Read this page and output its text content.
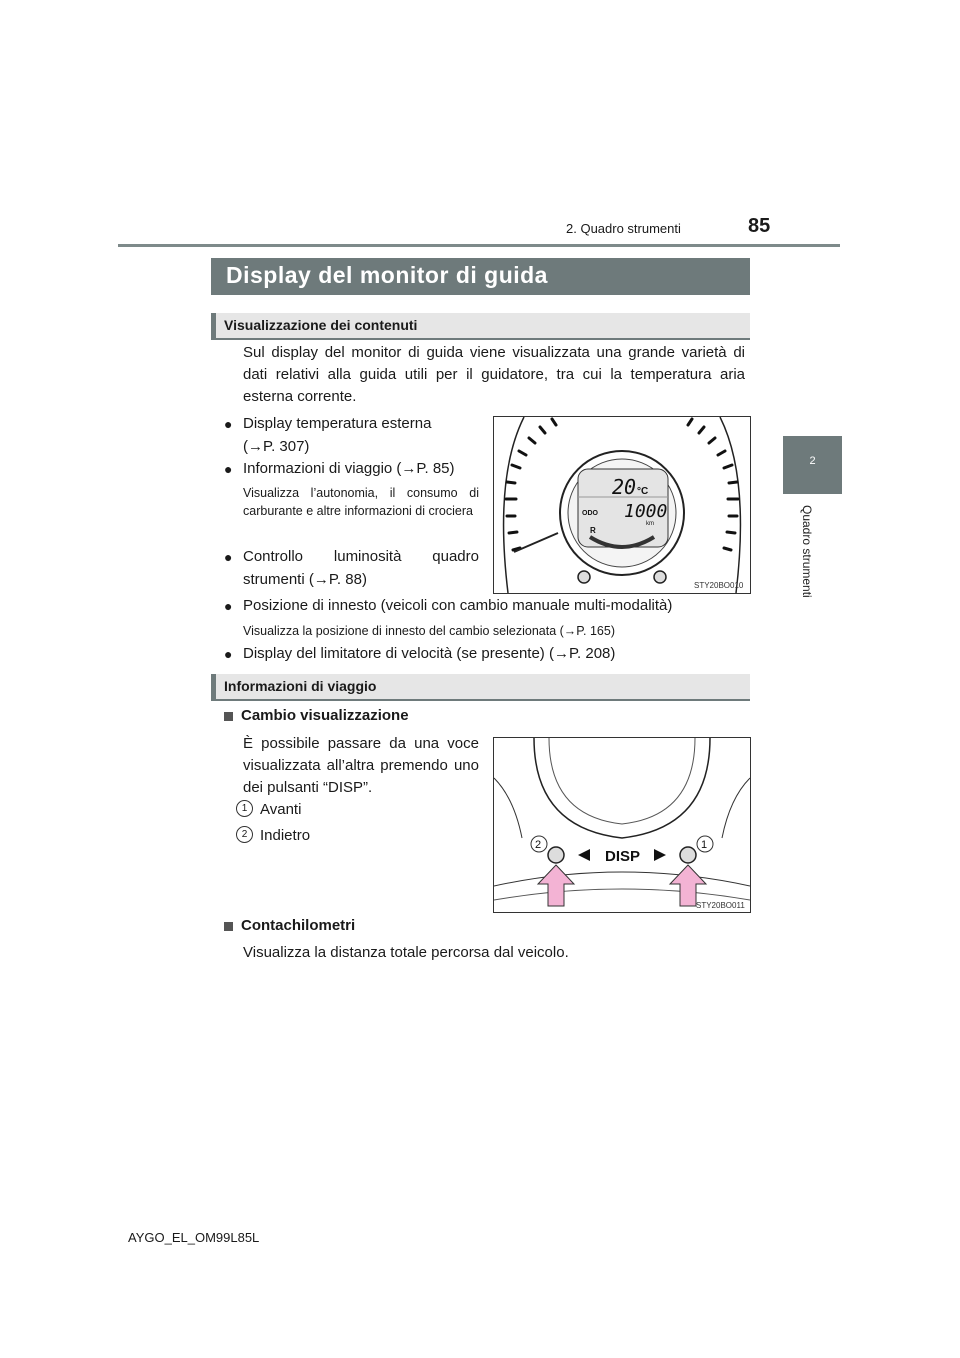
2. Quadro strumenti	85
2
Quadro strumenti
Display del monitor di guida
Visualizzazione dei contenuti
Sul display del monitor di guida viene visualizzata una grande varietà di dati relativi alla guida utili per il guidatore, tra cui la temperatura aria esterna corrente.
● Display temperatura esterna
(→P. 307)
● Informazioni di viaggio (→P. 85)
Visualizza l’autonomia, il consumo di carburante e altre informazioni di crociera
● Controllo luminosità quadro
strumenti (→P. 88)
● Posizione di innesto (veicoli con cambio manuale multi-modalità)
Visualizza la posizione di innesto del cambio selezionata (→P. 165)
● Display del limitatore di velocità (se presente) (→P. 208)
20 °C
ODO 1000
km
R
STY20BO010
Informazioni di viaggio
Cambio visualizzazione
È possibile passare da una voce visualizzata all’altra premendo uno dei pulsanti “DISP”.
1 Avanti
2 Indietro
2	1
DISP
STY20BO011
Contachilometri
Visualizza la distanza totale percorsa dal veicolo.
AYGO_EL_OM99L85L
